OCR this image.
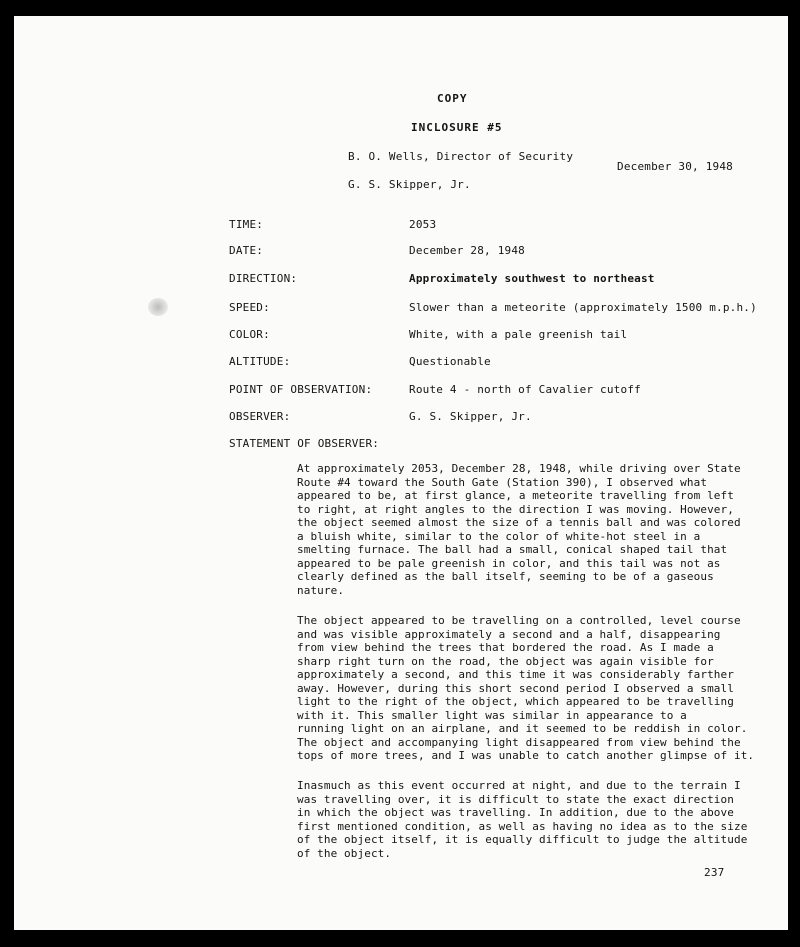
COPY
INCLOSURE #5
B. O. Wells, Director of Security
December 30, 1948
G. S. Skipper, Jr.
TIME:	2053
DATE:	December 28, 1948
DIRECTION:	Approximately southwest to northeast
SPEED:	Slower than a meteorite (approximately 1500 m.p.h.)
COLOR:	White, with a pale greenish tail
ALTITUDE:	Questionable
POINT OF OBSERVATION:	Route 4 - north of Cavalier cutoff
OBSERVER:	G. S. Skipper, Jr.
STATEMENT OF OBSERVER:
At approximately 2053, December 28, 1948, while driving over State
Route #4 toward the South Gate (Station 390), I observed what
appeared to be, at first glance, a meteorite travelling from left
to right, at right angles to the direction I was moving. However,
the object seemed almost the size of a tennis ball and was colored
a bluish white, similar to the color of white-hot steel in a
smelting furnace. The ball had a small, conical shaped tail that
appeared to be pale greenish in color, and this tail was not as
clearly defined as the ball itself, seeming to be of a gaseous
nature.
The object appeared to be travelling on a controlled, level course
and was visible approximately a second and a half, disappearing
from view behind the trees that bordered the road. As I made a
sharp right turn on the road, the object was again visible for
approximately a second, and this time it was considerably farther
away. However, during this short second period I observed a small
light to the right of the object, which appeared to be travelling
with it. This smaller light was similar in appearance to a
running light on an airplane, and it seemed to be reddish in color.
The object and accompanying light disappeared from view behind the
tops of more trees, and I was unable to catch another glimpse of it.
Inasmuch as this event occurred at night, and due to the terrain I
was travelling over, it is difficult to state the exact direction
in which the object was travelling. In addition, due to the above
first mentioned condition, as well as having no idea as to the size
of the object itself, it is equally difficult to judge the altitude
of the object.
237
